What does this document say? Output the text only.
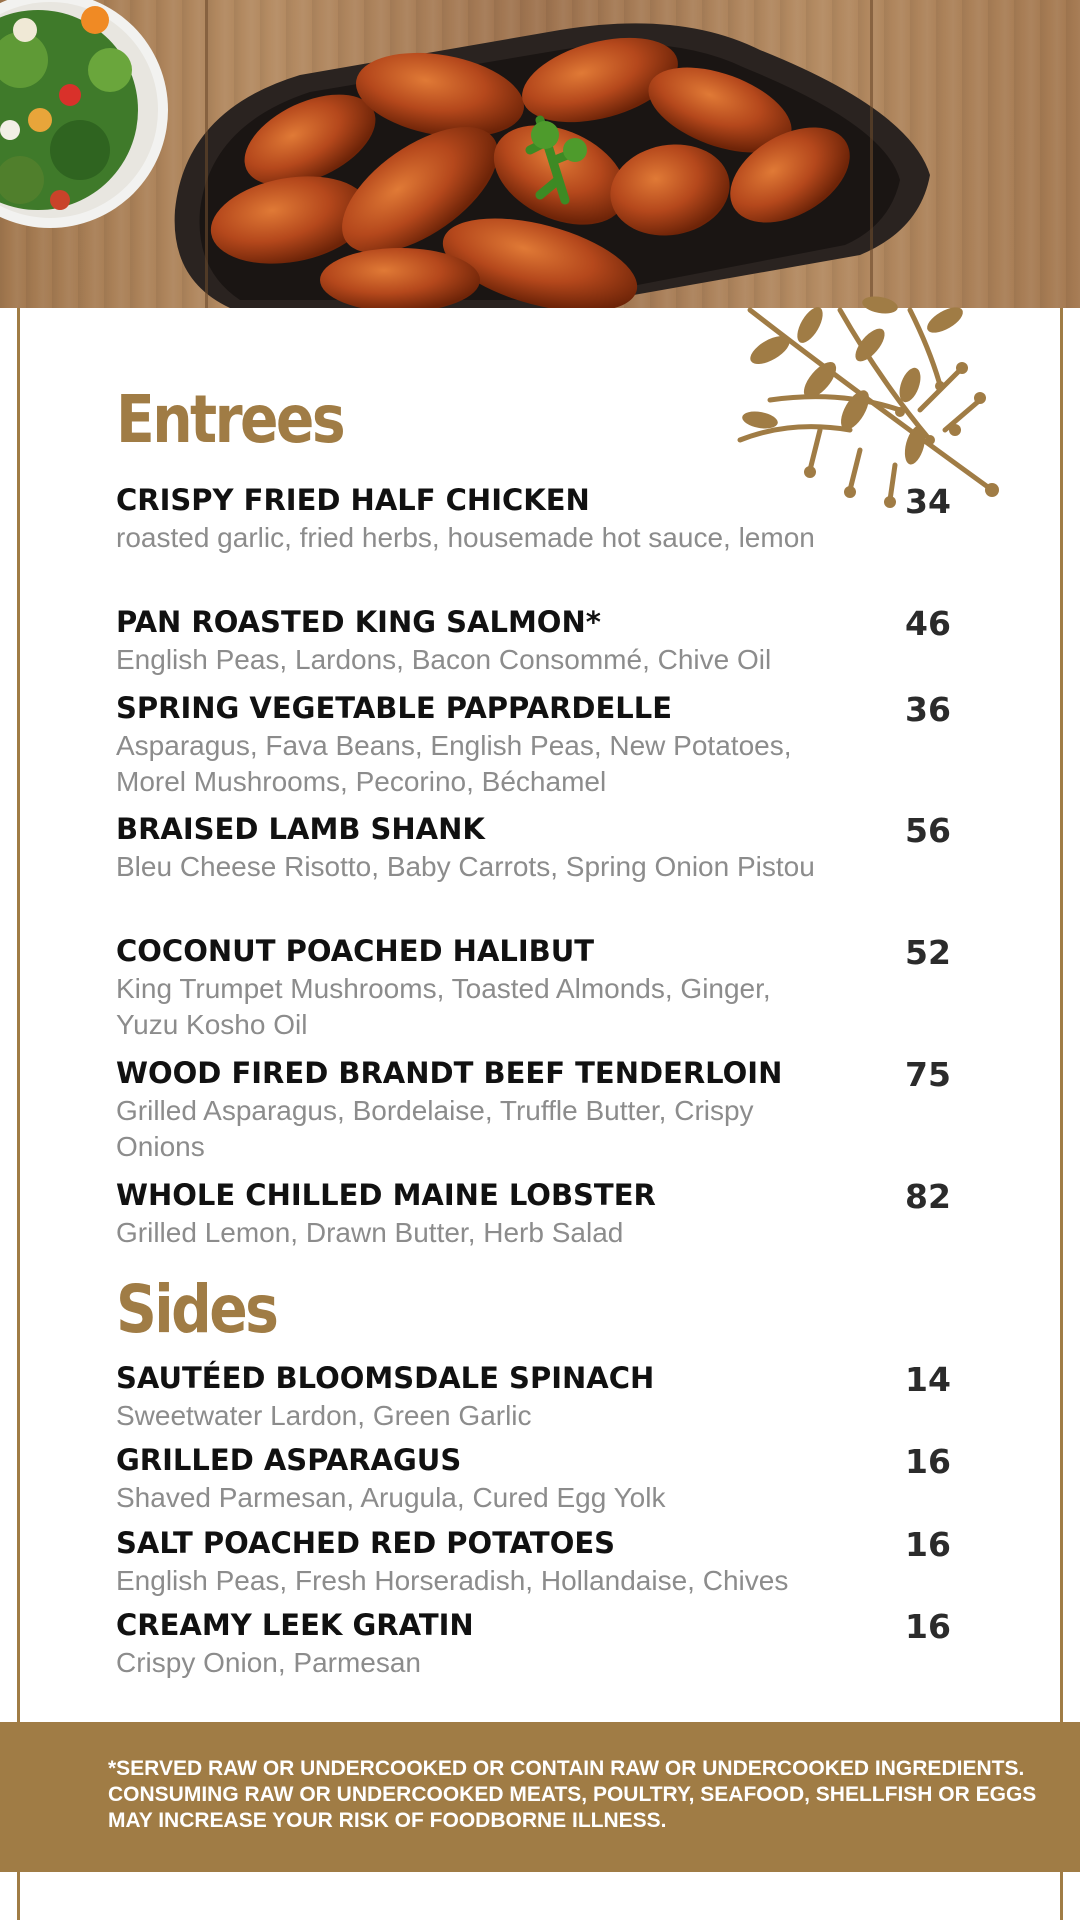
Entrees
CRISPY FRIED HALF CHICKEN	34
roasted garlic, fried herbs, housemade hot sauce, lemon
PAN ROASTED KING SALMON*	46
English Peas, Lardons, Bacon Consommé, Chive Oil
SPRING VEGETABLE PAPPARDELLE	36
Asparagus, Fava Beans, English Peas, New Potatoes, Morel Mushrooms, Pecorino, Béchamel
BRAISED LAMB SHANK	56
Bleu Cheese Risotto, Baby Carrots, Spring Onion Pistou
COCONUT POACHED HALIBUT	52
King Trumpet Mushrooms, Toasted Almonds, Ginger, Yuzu Kosho Oil
WOOD FIRED BRANDT BEEF TENDERLOIN	75
Grilled Asparagus, Bordelaise, Truffle Butter, Crispy Onions
WHOLE CHILLED MAINE LOBSTER	82
Grilled Lemon, Drawn Butter, Herb Salad
Sides
SAUTÉED BLOOMSDALE SPINACH	14
Sweetwater Lardon, Green Garlic
GRILLED ASPARAGUS	16
Shaved Parmesan, Arugula, Cured Egg Yolk
SALT POACHED RED POTATOES	16
English Peas, Fresh Horseradish, Hollandaise, Chives
CREAMY LEEK GRATIN	16
Crispy Onion, Parmesan
*SERVED RAW OR UNDERCOOKED OR CONTAIN RAW OR UNDERCOOKED INGREDIENTS. CONSUMING RAW OR UNDERCOOKED MEATS, POULTRY, SEAFOOD, SHELLFISH OR EGGS MAY INCREASE YOUR RISK OF FOODBORNE ILLNESS.
